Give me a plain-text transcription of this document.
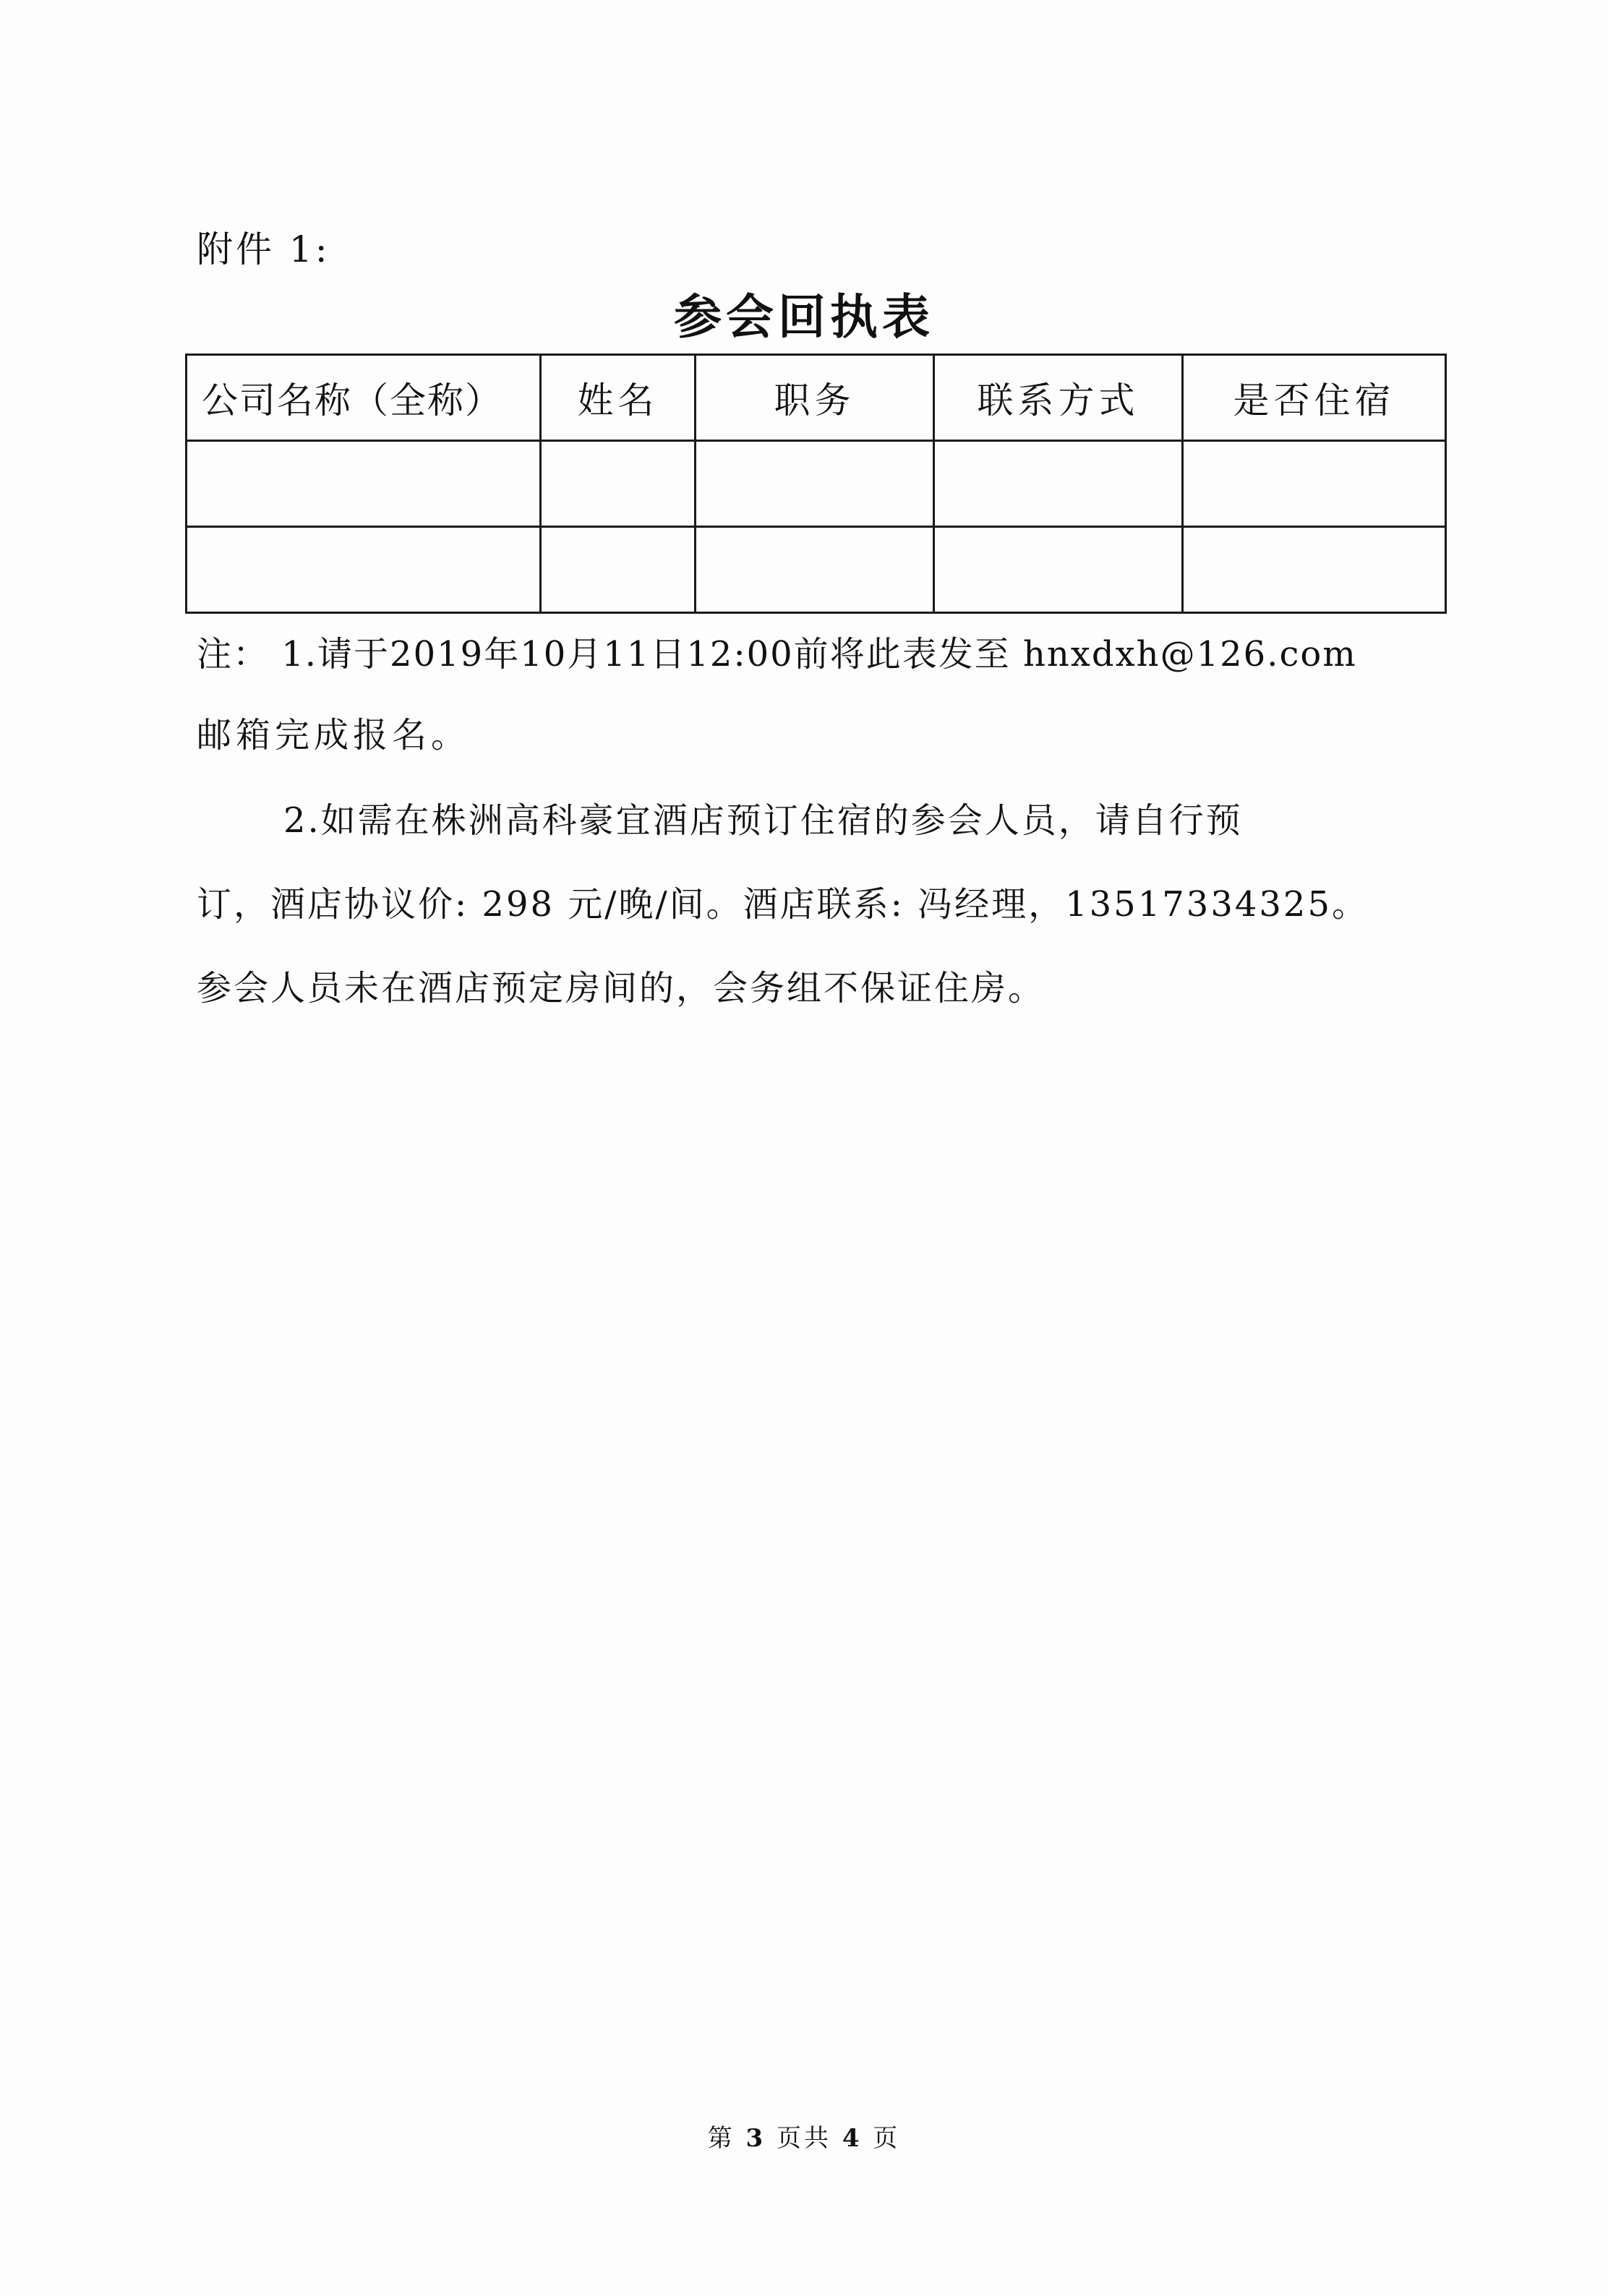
附件 1:
参会回执表
公司名称（全称）	姓名	职务	联系方式	是否住宿

注： 1.请于2019年10月11日12:00前将此表发至 hnxdxh@126.com
邮箱完成报名。
2.如需在株洲高科豪宜酒店预订住宿的参会人员，请自行预
订，酒店协议价: 298 元/晚/间。酒店联系: 冯经理，13517334325。
参会人员未在酒店预定房间的，会务组不保证住房。
第 3 页共 4 页
